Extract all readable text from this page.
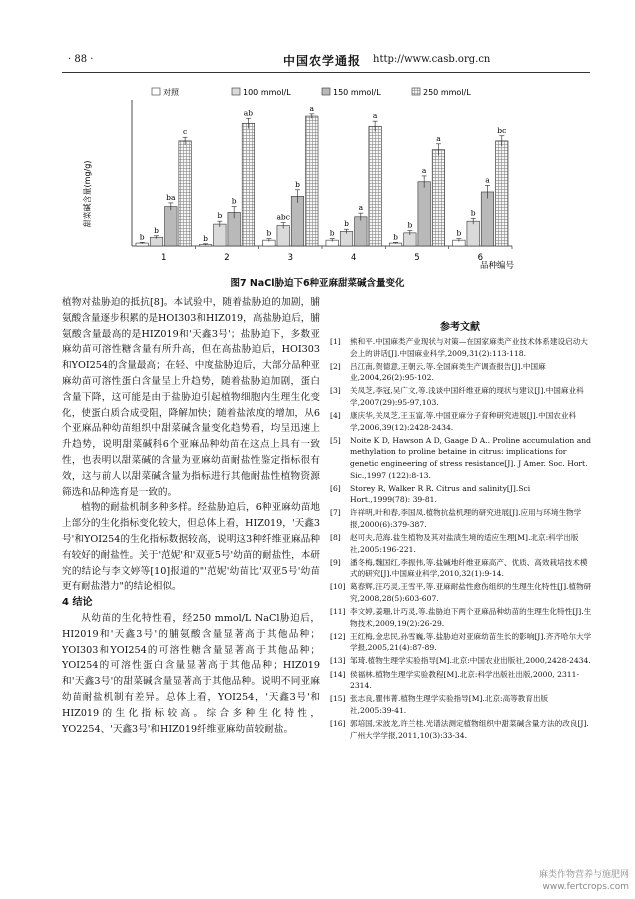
· 88 ·	中国农学通报 http://www.casb.org.cn
对照	100 mmol/L	150 mmol/L	250 mmol/L
1	2	3	4	5	6
b
b
ba
c
b
b
b
ab
b
abc
b
a
b
b
a
a
b
b
a
a
b
b
a
bc
甜菜碱含量(mg/g)
品种编号
图7 NaCl胁迫下6种亚麻甜菜碱含量变化

植物对盐胁迫的抵抗[8]。本试验中，随着盐胁迫的加剧，脯氨酸含量逐步积累的是HOI303和HIZ019，高盐胁迫后，脯氨酸含量最高的是HIZ019和'天鑫3号'；盐胁迫下，多数亚麻幼苗可溶性糖含量有所升高，但在高盐胁迫后，HOI303和YOI254的含量最高；在轻、中度盐胁迫后，大部分品种亚麻幼苗可溶性蛋白含量呈上升趋势，随着盐胁迫加剧，蛋白含量下降，这可能是由于盐胁迫引起植物细胞内生理生化变化，使蛋白质合成受阻，降解加快；随着盐浓度的增加，从6个亚麻品种幼苗组织中甜菜碱含量变化趋势看，均呈迅速上升趋势，说明甜菜碱科6个亚麻品种幼苗在这点上具有一致性，也表明以甜菜碱的含量为亚麻幼苗耐盐性鉴定指标很有效，这与前人以甜菜碱含量为指标进行其他耐盐性植物资源筛选和品种选育是一致的。

植物的耐盐机制多种多样。经盐胁迫后，6种亚麻幼苗地上部分的生化指标变化较大，但总体上看，HIZ019，'天鑫3号'和YOI254的生化指标数据较高，说明这3种纤维亚麻品种有较好的耐盐性。关于'范妮'和'双亚5号'幼苗的耐盐性，本研究的结论与李文婷等[10]报道的"'范妮'幼苗比'双亚5号'幼苗更有耐盐潜力"的结论相似。

4 结论

从幼苗的生化特性看，经250 mmol/L NaCl胁迫后，HI2019和'天鑫3号'的脯氨酸含量显著高于其他品种；YOI303和YOI254的可溶性糖含量显著高于其他品种；YOI254的可溶性蛋白含量显著高于其他品种；HIZ019和'天鑫3号'的甜菜碱含量显著高于其他品种。说明不同亚麻幼苗耐盐机制有差异。总体上看，YOI254，'天鑫3号'和HIZ019的生化指标较高。综合多种生化特性，YO2254、'天鑫3号'和HIZ019纤维亚麻幼苗较耐盐。

参考文献
[1] 熊和平.中国麻类产业现状与对策—在国家麻类产业技术体系建设启动大会上的讲话[J].中国麻业科学,2009,31(2):113-118.
[2] 吕江南,贺德意,王朝云,等.全国麻类生产调查报告[J].中国麻业,2004,26(2):95-102.
[3] 关凤芝,李冠,吴广文,等.浅谈中国纤维亚麻的现状与建议[J].中国麻业科学,2007(29):95-97,103.
[4] 康庆华,关凤芝,王玉富,等.中国亚麻分子育种研究进展[J].中国农业科学,2006,39(12):2428-2434.
[5] Noite K D, Hawson A D, Gaage D A.. Proline accumulation and methylation to proline betaine in citrus: implications for genetic engineering of stress resistance[J]. J Amer. Soc. Hort. Sic.,1997 (122):8-13.
[6] Storey R, Walker R R. Citrus and salinity[J].Sci Hort.,1999(78): 39-81.
[7] 许祥明,叶和春,李国凤.植物抗盐机理的研究进展[J].应用与环境生物学报,2000(6):379-387.
[8] 赵可夫,范海.盐生植物及其对盐渍生境的适应生理[M].北京:科学出版社,2005:196-221.
[9] 潘冬梅,魏国红,李振伟,等.盐碱地纤维亚麻高产、优质、高效栽培技术模式的研究[J].中国麻业科学,2010,32(1):9-14.
[10] 葛春辉,汪巧灵,王雪平,等.亚麻耐盐性愈伤组织的生理生化特性[J].植物研究,2008,28(5):603-607.
[11] 李文婷,姜珊,计巧灵,等.盐胁迫下两个亚麻品种幼苗的生理生化特性[J].生物技术,2009,19(2):26-29.
[12] 王红梅,金忠民,孙雪巍,等.盐胁迫对亚麻幼苗生长的影响[J].齐齐哈尔大学学报,2005,21(4):87-89.
[13] 邹琦.植物生理学实验指导[M].北京:中国农业出版社,2000,2428-2434.
[14] 侯福林.植物生理学实验教程[M].北京:科学出版社出版,2000, 2311-2314.
[15] 张志良,瞿伟菁.植物生理学实验指导[M].北京:高等教育出版社,2005:39-41.
[16] 郭培国,宋波龙,许兰桂.光谱法测定植物组织中甜菜碱含量方法的改良[J].广州大学学报,2011,10(3):33-34.
麻类作物营养与施肥网
www.fertcrops.com
